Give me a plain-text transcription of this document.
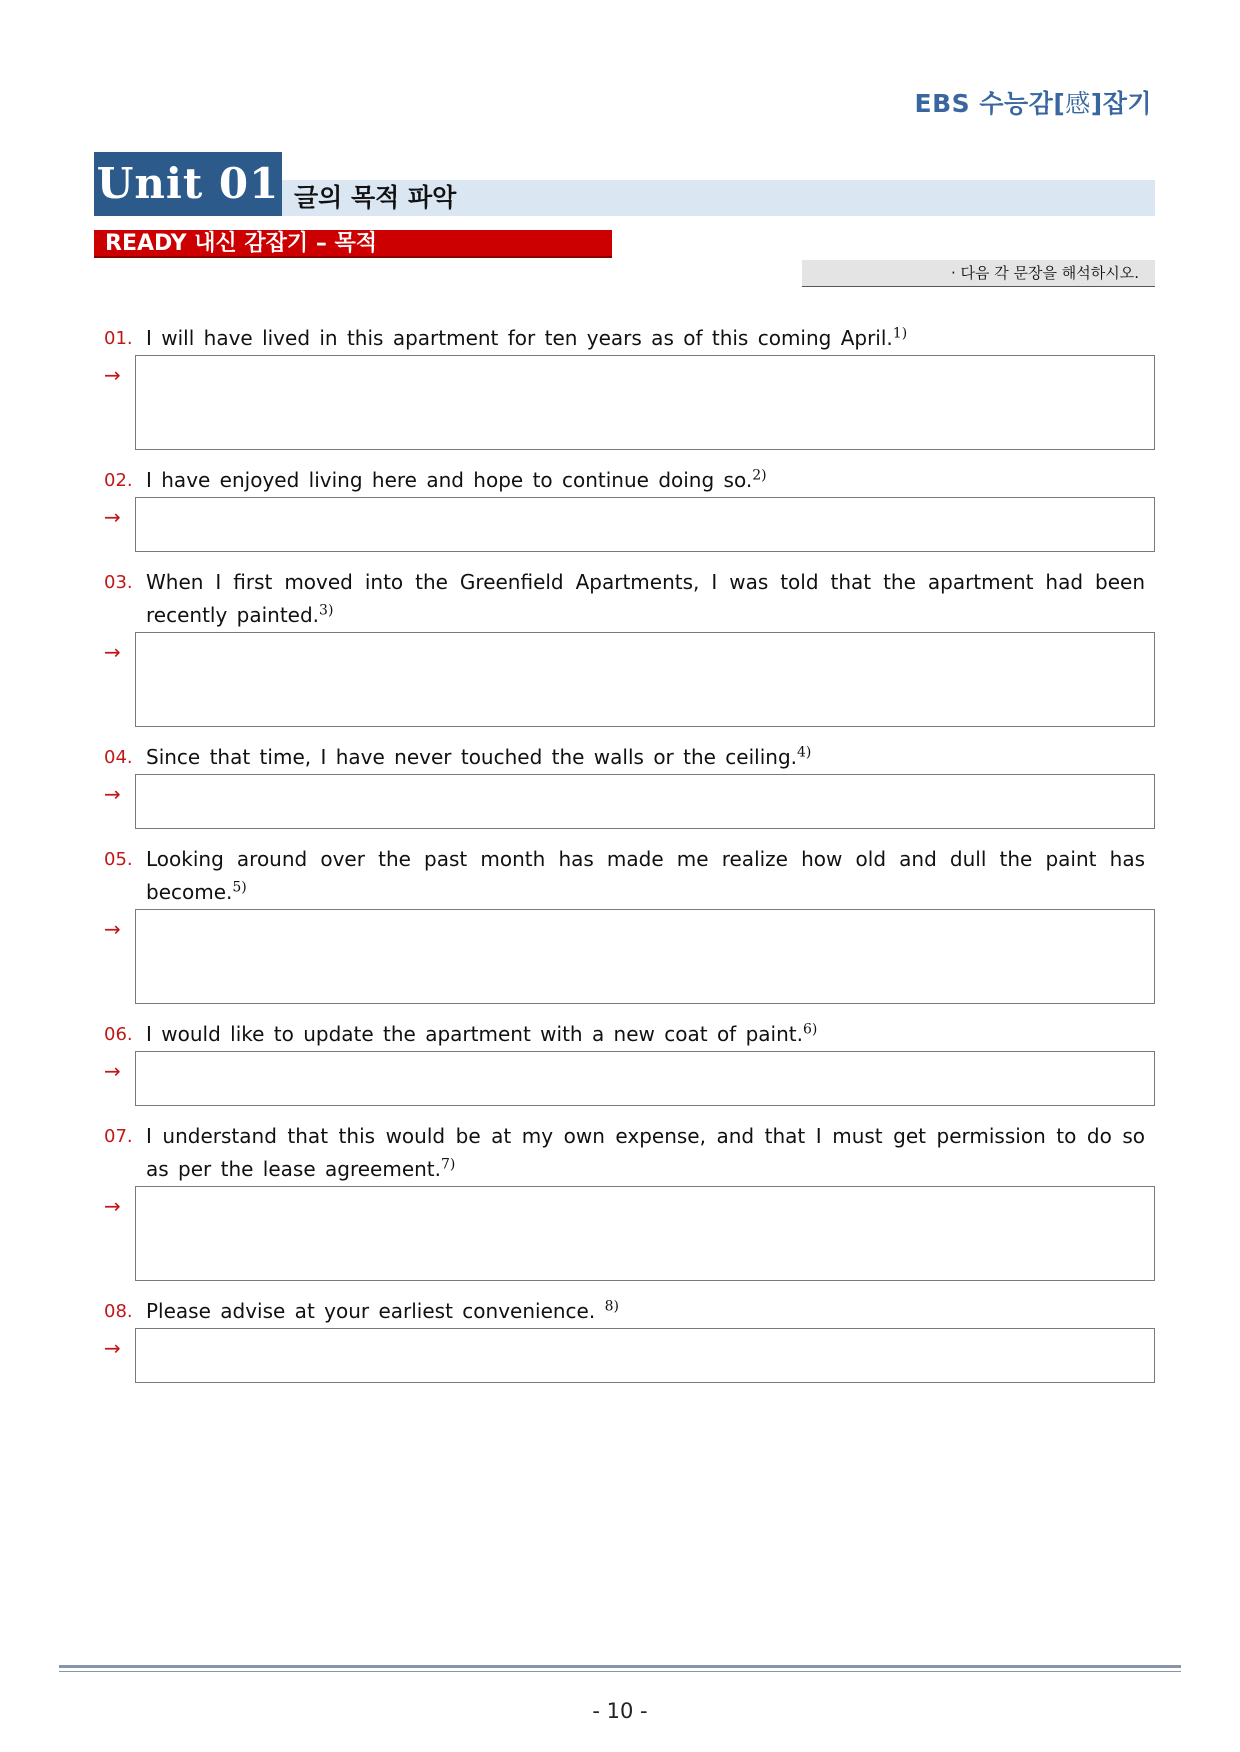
EBS 수능감[感]잡기
Unit 01 글의 목적 파악
READY 내신 감잡기 – 목적
· 다음 각 문장을 해석하시오.
01. I will have lived in this apartment for ten years as of this coming April.$^{1)}$
→
02. I have enjoyed living here and hope to continue doing so.$^{2)}$
→
03. When I first moved into the Greenfield Apartments, I was told that the apartment had been recently painted.$^{3)}$
→
04. Since that time, I have never touched the walls or the ceiling.$^{4)}$
→
05. Looking around over the past month has made me realize how old and dull the paint has become.$^{5)}$
→
06. I would like to update the apartment with a new coat of paint.$^{6)}$
→
07. I understand that this would be at my own expense, and that I must get permission to do so as per the lease agreement.$^{7)}$
→
08. Please advise at your earliest convenience. $^{8)}$
→
- 10 -
